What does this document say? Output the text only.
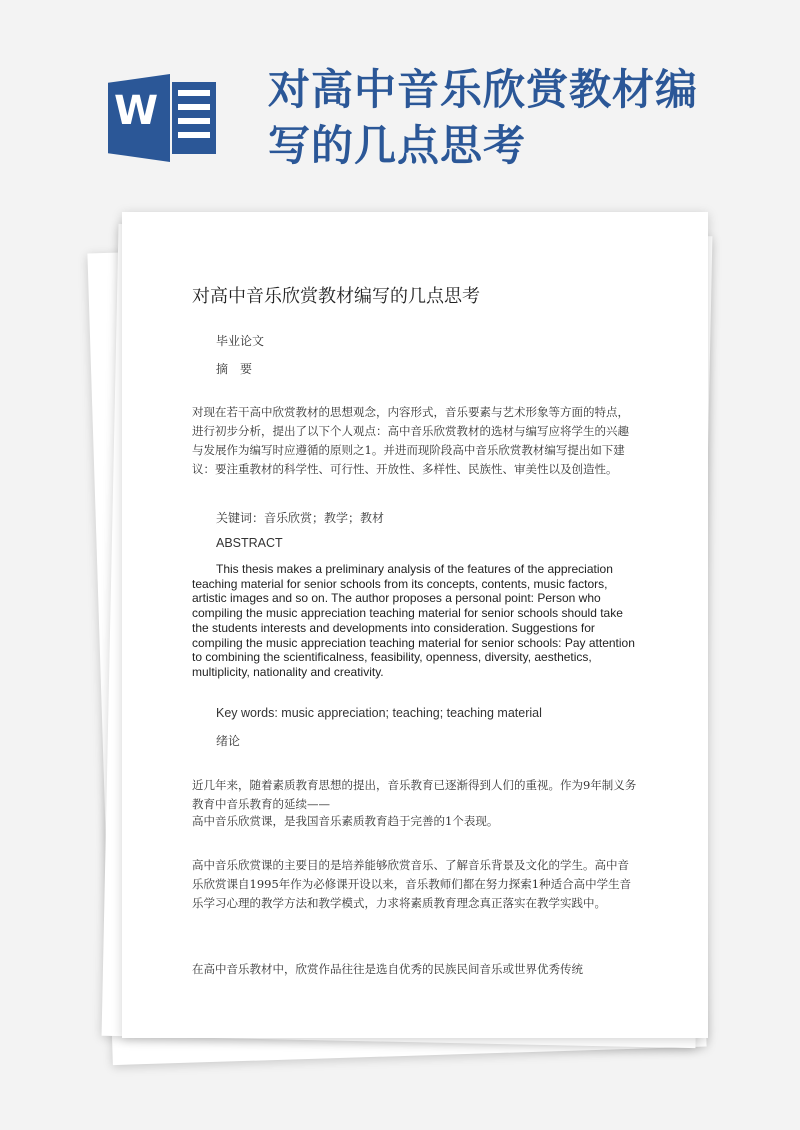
W	对高中音乐欣赏教材编
写的几点思考
对高中音乐欣赏教材编写的几点思考
毕业论文
摘　要
对现在若干高中欣赏教材的思想观念，内容形式，音乐要素与艺术形象等方面的特点，进行初步分析，提出了以下个人观点：高中音乐欣赏教材的选材与编写应将学生的兴趣与发展作为编写时应遵循的原则之1。并进而现阶段高中音乐欣赏教材编写提出如下建议：要注重教材的科学性、可行性、开放性、多样性、民族性、审美性以及创造性。
关键词：音乐欣赏；教学；教材
ABSTRACT
This thesis makes a preliminary analysis of the features of the appreciation teaching material for senior schools from its concepts, contents, music factors, artistic images and so on. The author proposes a personal point: Person who compiling the music appreciation teaching material for senior schools should take the students interests and developments into consideration. Suggestions for compiling the music appreciation teaching material for senior schools: Pay attention to combining the scientificalness, feasibility, openness, diversity, aesthetics, multiplicity, nationality and creativity.
Key words: music appreciation; teaching; teaching material
绪论
近几年来，随着素质教育思想的提出，音乐教育已逐渐得到人们的重视。作为9年制义务教育中音乐教育的延续——
高中音乐欣赏课，是我国音乐素质教育趋于完善的1个表现。
高中音乐欣赏课的主要目的是培养能够欣赏音乐、了解音乐背景及文化的学生。高中音乐欣赏课自1995年作为必修课开设以来，音乐教师们都在努力探索1种适合高中学生音乐学习心理的教学方法和教学模式，力求将素质教育理念真正落实在教学实践中。
在高中音乐教材中，欣赏作品往往是选自优秀的民族民间音乐或世界优秀传统
